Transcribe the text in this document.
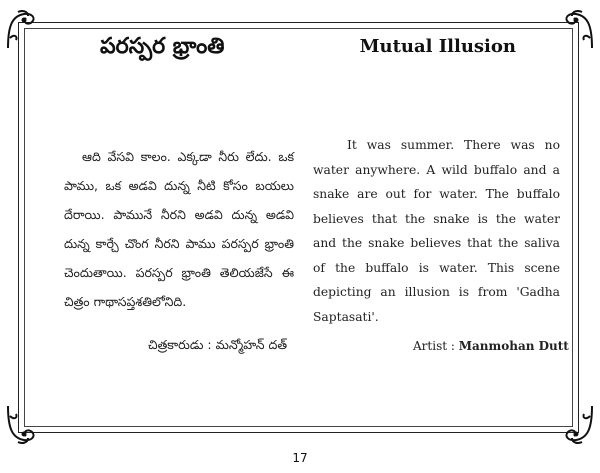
పరస్పర భ్రాంతి	Mutual Illusion

ఆది వేసవి కాలం. ఎక్కడా నీరు లేదు. ఒక పాము, ఒక అడవి దున్న నీటి కోసం బయలు దేరాయి. పామునే నీరని అడవి దున్న అడవి దున్న కార్చే చొంగ నీరని పాము పరస్పర భ్రాంతి చెందుతాయి. పరస్పర భ్రాంతి తెలియజేసే ఈ చిత్రం గాథాసప్తశతిలోనిది.

చిత్రకారుడు : మన్మోహన్ దత్

It was summer. There was no water anywhere. A wild buffalo and a snake are out for water. The buffalo believes that the snake is the water and the snake believes that the saliva of the buffalo is water. This scene depicting an illusion is from 'Gadha Saptasati'.

Artist : Manmohan Dutt
17
